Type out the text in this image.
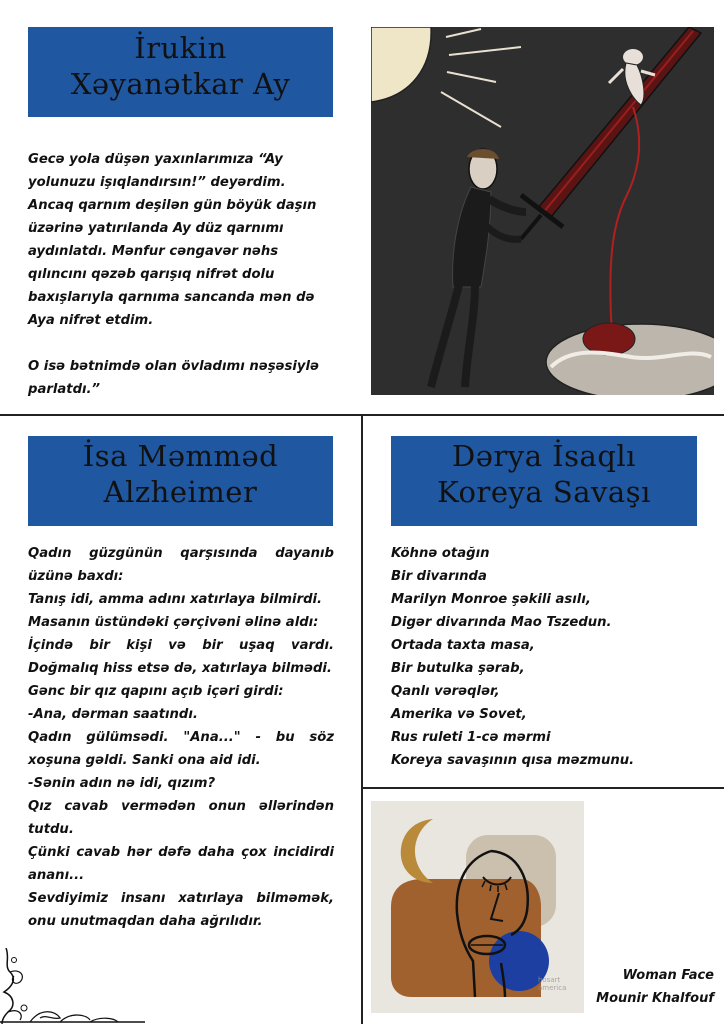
İrukin
Xəyanətkar Ay

Gecə yola düşən yaxınlarımıza “Ay yolunuzu işıqlandırsın!” deyərdim. Ancaq qarnım deşilən gün böyük daşın üzərinə yatırılanda Ay düz qarnımı aydınlatdı. Mənfur cəngavər nəhs qılıncını qəzəb qarışıq nifrət dolu baxışlarıyla qarnıma sancanda mən də Aya nifrət etdim.

O isə bətnimdə olan övladımı nəşəsiylə parlatdı.”

İsa Məmməd
Alzheimer

Qadın güzgünün qarşısında dayanıb üzünə baxdı:

Tanış idi, amma adını xatırlaya bilmirdi.

Masanın üstündəki çərçivəni əlinə aldı:

İçində bir kişi və bir uşaq vardı. Doğmalıq hiss etsə də, xatırlaya bilmədi.

Gənc bir qız qapını açıb içəri girdi:

-Ana, dərman saatındı.

Qadın gülümsədi. "Ana..." - bu söz xoşuna gəldi. Sanki ona aid idi.

-Sənin adın nə idi, qızım?

Qız cavab vermədən onun əllərindən tutdu.

Çünki cavab hər dəfə daha çox incidirdi ananı...

Sevdiyimiz insanı xatırlaya bilməmək, onu unutmaqdan daha ağrılıdır.

Dərya İsaqlı
Koreya Savaşı

Köhnə otağın

Bir divarında

Marilyn Monroe şəkili asılı,

Digər divarında Mao Tszedun.

Ortada taxta masa,

Bir butulka şərab,

Qanlı vərəqlər,

Amerika və Sovet,

Rus ruleti 1-cə mərmi

Koreya savaşının qısa məzmunu.

hosart
america
Woman Face
Mounir Khalfouf
